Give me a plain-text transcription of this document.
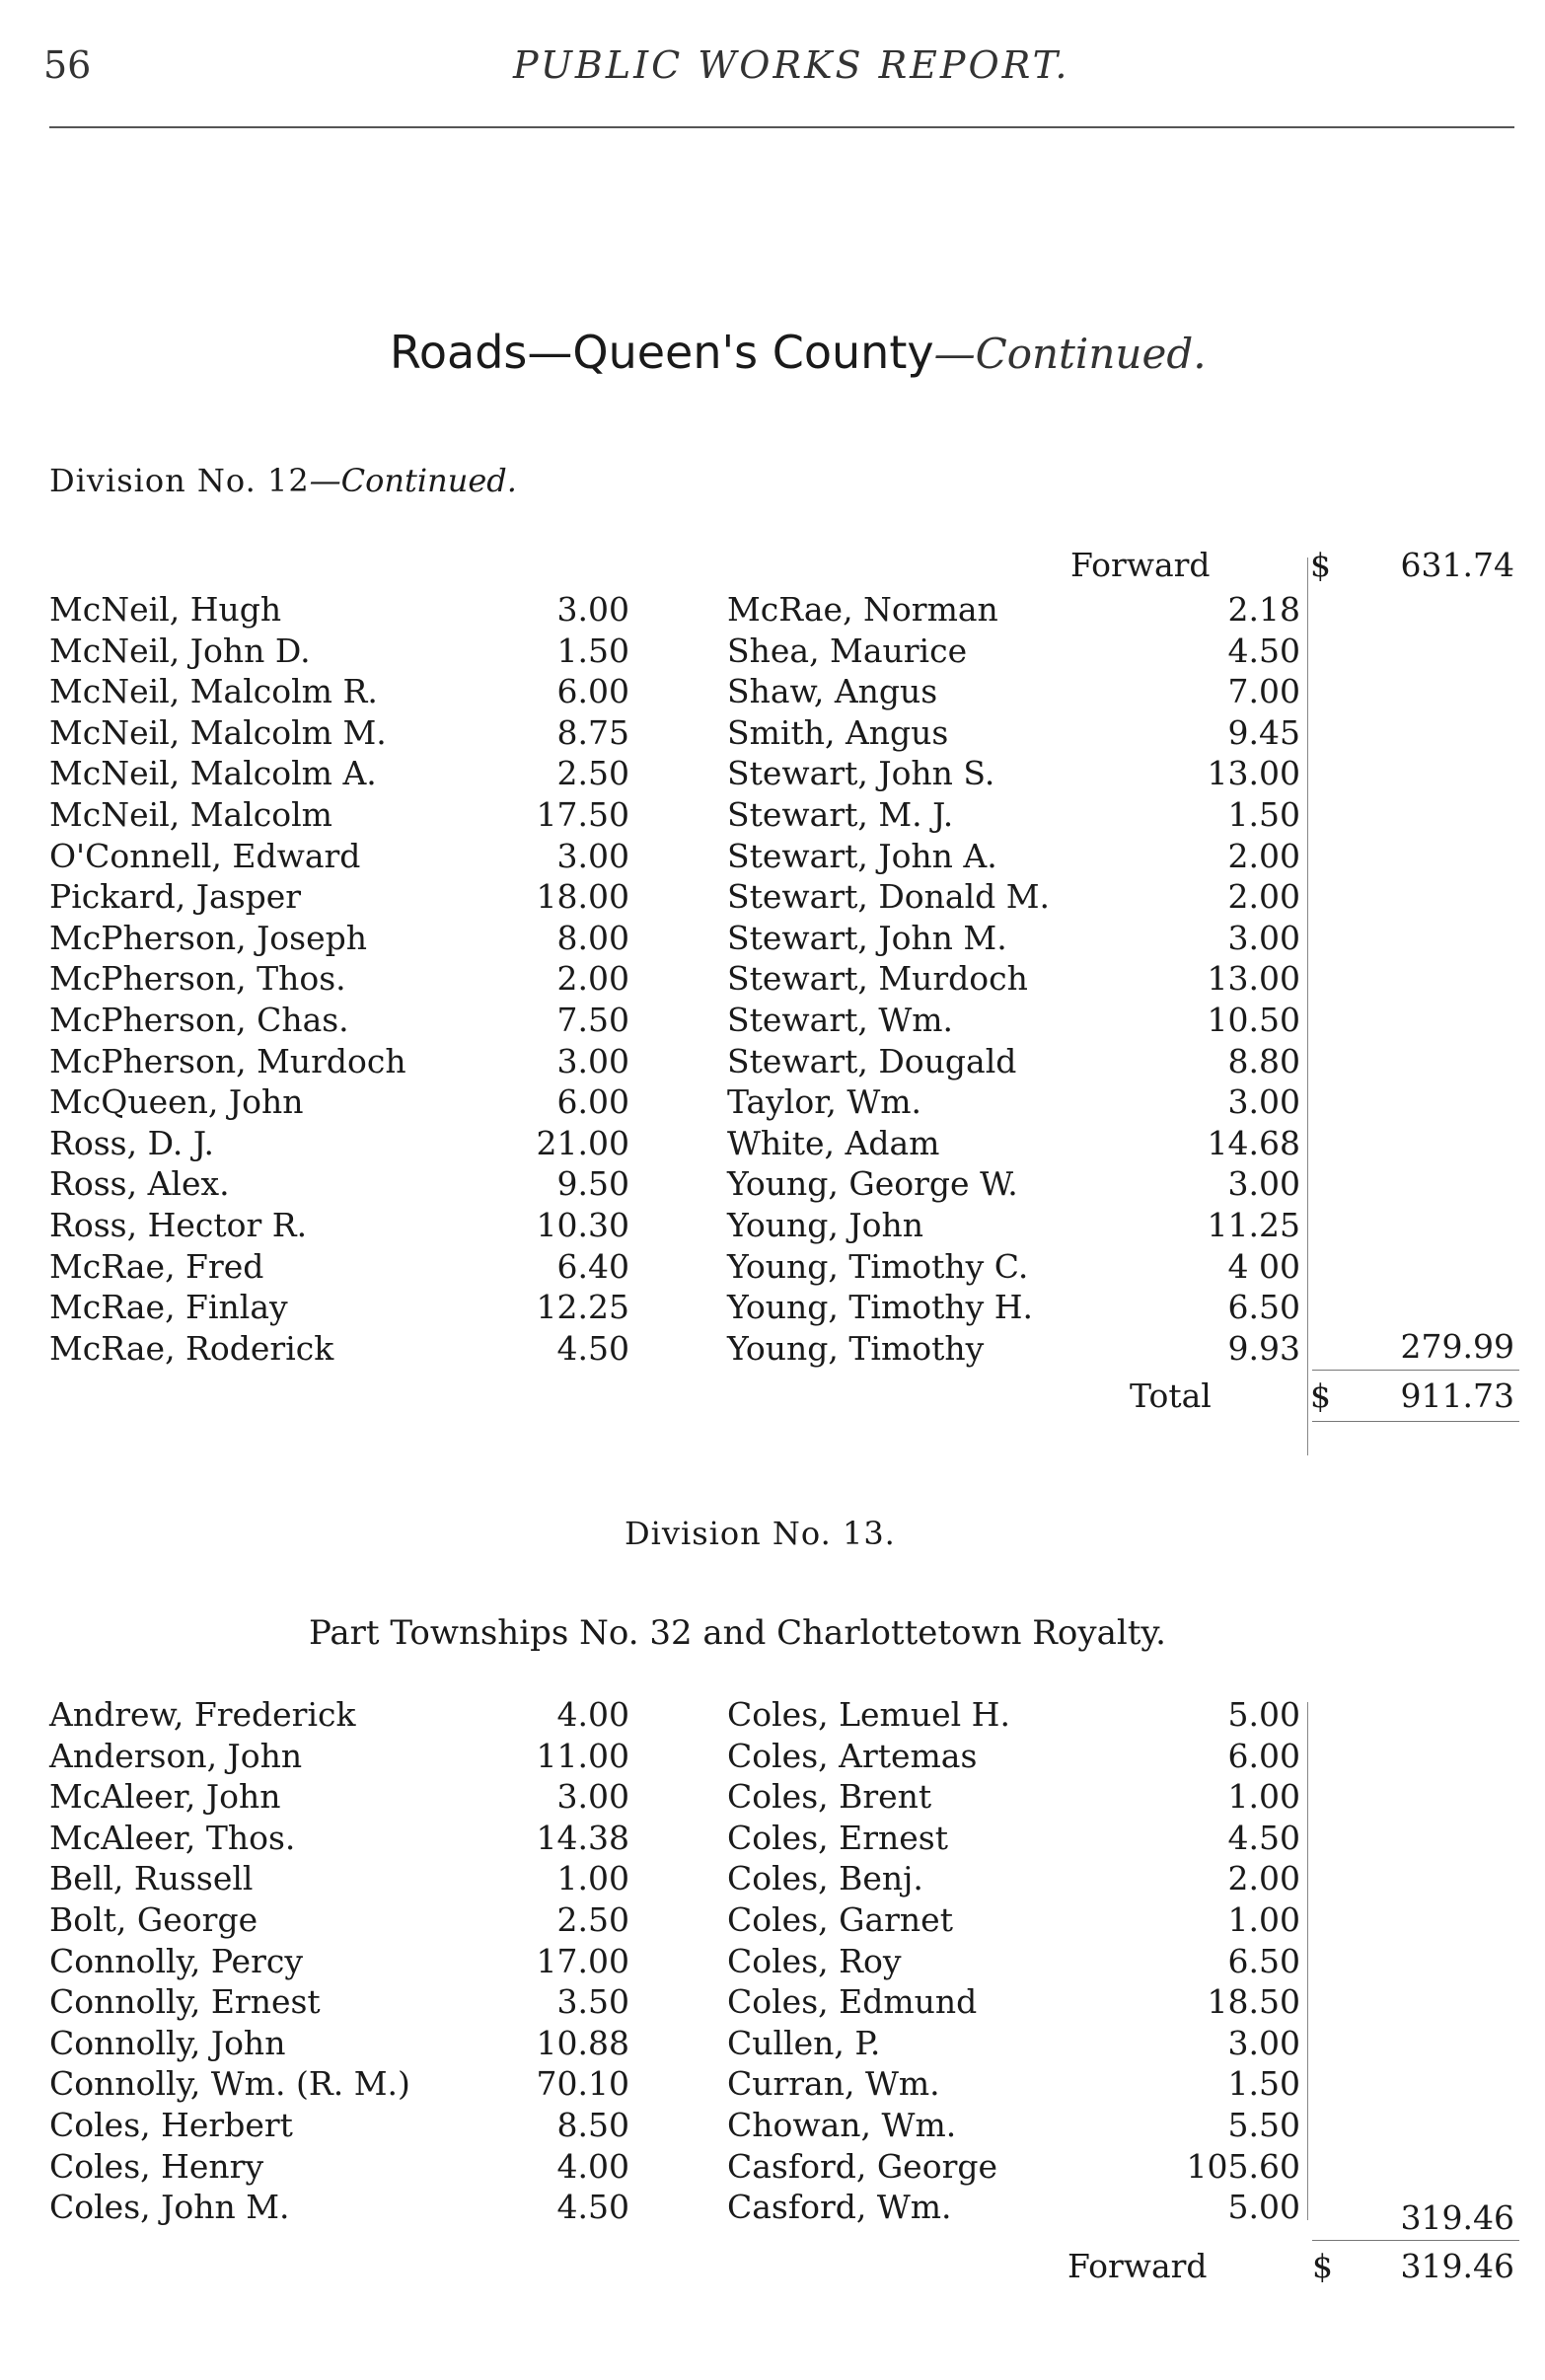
56	PUBLIC WORKS REPORT.
Roads—Queen's County—Continued.
Division No. 12—Continued.
Forward	$ 631.74
McNeil, Hugh	3.00
McNeil, John D.	1.50
McNeil, Malcolm R.	6.00
McNeil, Malcolm M.	8.75
McNeil, Malcolm A.	2.50
McNeil, Malcolm	17.50
O'Connell, Edward	3.00
Pickard, Jasper	18.00
McPherson, Joseph	8.00
McPherson, Thos.	2.00
McPherson, Chas.	7.50
McPherson, Murdoch	3.00
McQueen, John	6.00
Ross, D. J.	21.00
Ross, Alex.	9.50
Ross, Hector R.	10.30
McRae, Fred	6.40
McRae, Finlay	12.25
McRae, Roderick	4.50
McRae, Norman	2.18
Shea, Maurice	4.50
Shaw, Angus	7.00
Smith, Angus	9.45
Stewart, John S.	13.00
Stewart, M. J.	1.50
Stewart, John A.	2.00
Stewart, Donald M.	2.00
Stewart, John M.	3.00
Stewart, Murdoch	13.00
Stewart, Wm.	10.50
Stewart, Dougald	8.80
Taylor, Wm.	3.00
White, Adam	14.68
Young, George W.	3.00
Young, John	11.25
Young, Timothy C.	4 00
Young, Timothy H.	6.50
Young, Timothy	9.93	279.99
Total	$	911.73
Division No. 13.
Part Townships No. 32 and Charlottetown Royalty.
Andrew, Frederick	4.00
Anderson, John	11.00
McAleer, John	3.00
McAleer, Thos.	14.38
Bell, Russell	1.00
Bolt, George	2.50
Connolly, Percy	17.00
Connolly, Ernest	3.50
Connolly, John	10.88
Connolly, Wm. (R. M.)	70.10
Coles, Herbert	8.50
Coles, Henry	4.00
Coles, John M.	4.50
Coles, Lemuel H.	5.00
Coles, Artemas	6.00
Coles, Brent	1.00
Coles, Ernest	4.50
Coles, Benj.	2.00
Coles, Garnet	1.00
Coles, Roy	6.50
Coles, Edmund	18.50
Cullen, P.	3.00
Curran, Wm.	1.50
Chowan, Wm.	5.50
Casford, George	105.60
Casford, Wm.	5.00	319.46
Forward	$	319.46
